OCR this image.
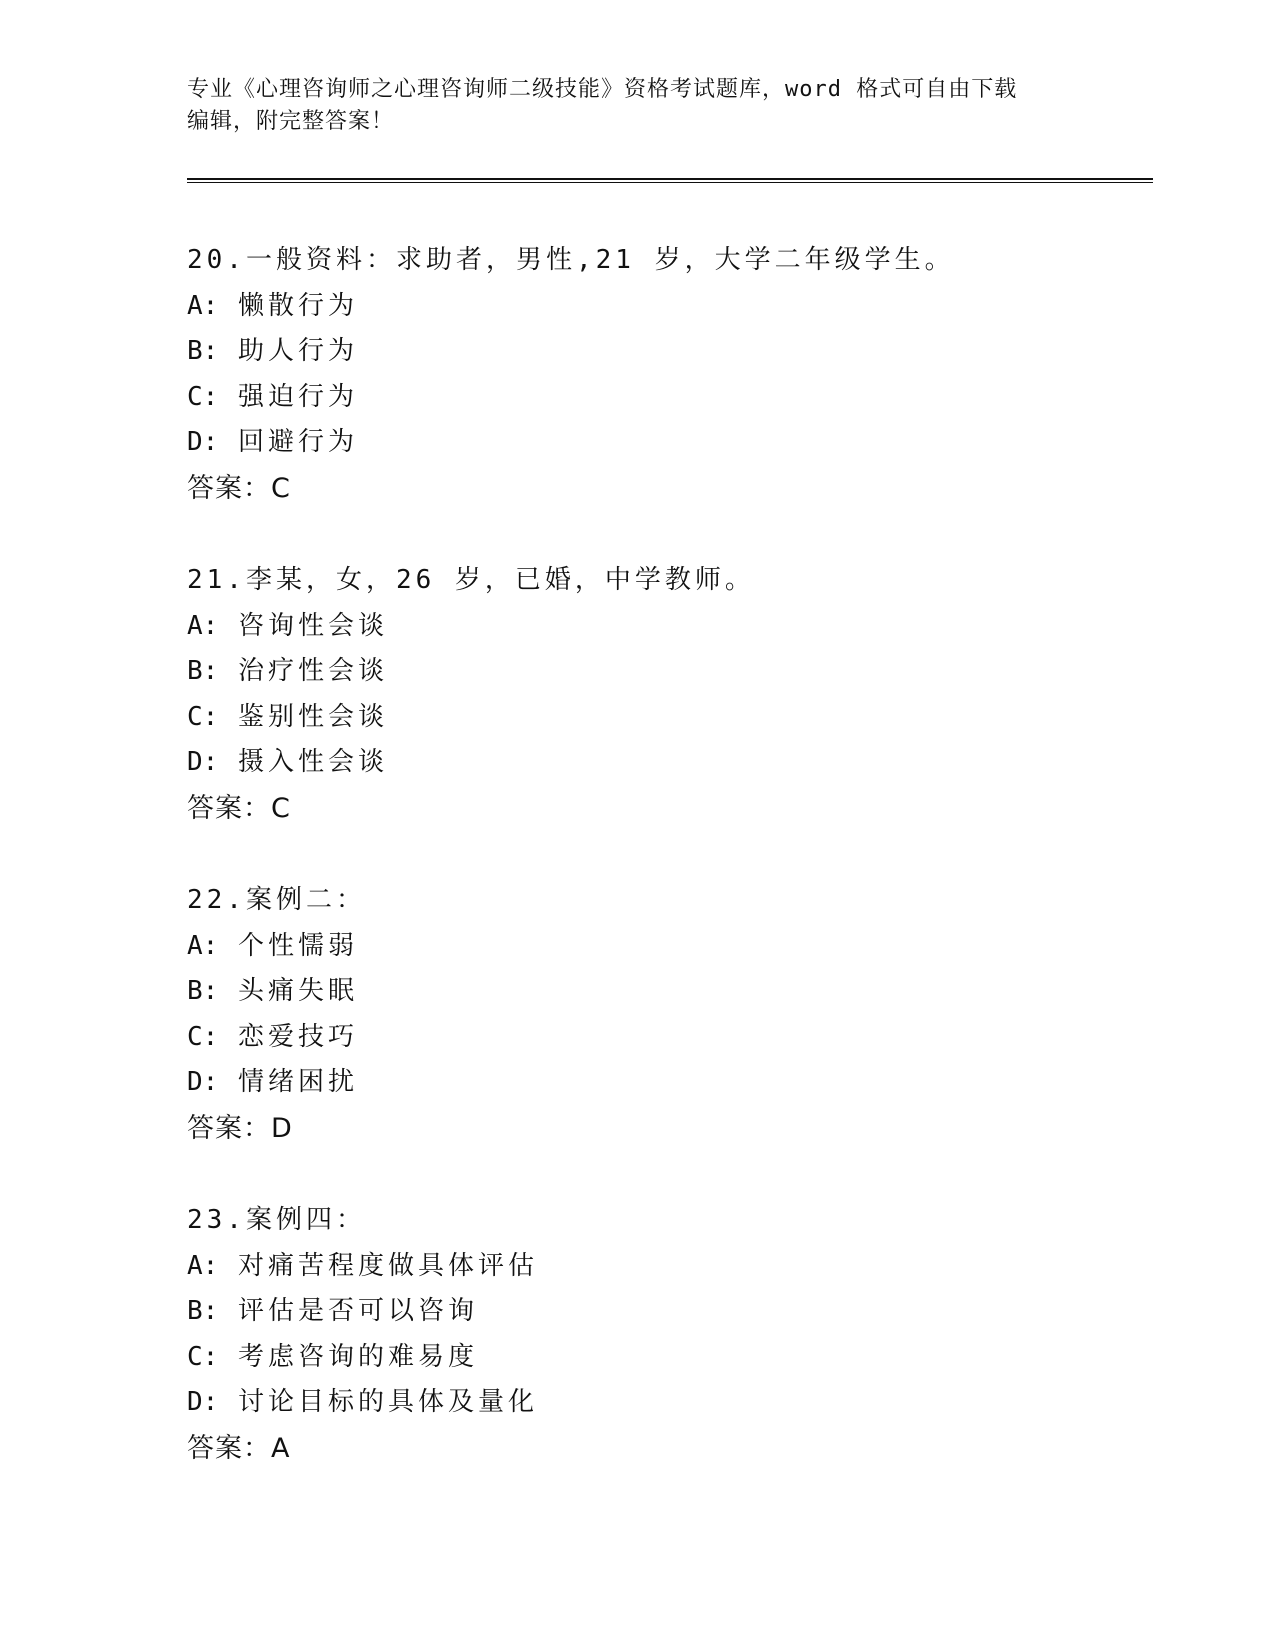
专业《心理咨询师之心理咨询师二级技能》资格考试题库，word 格式可自由下载
编辑，附完整答案！
20.一般资料：求助者，男性,21 岁，大学二年级学生。
A: 懒散行为
B: 助人行为
C: 强迫行为
D: 回避行为
答案：C
21.李某，女，26 岁，已婚，中学教师。
A: 咨询性会谈
B: 治疗性会谈
C: 鉴别性会谈
D: 摄入性会谈
答案：C
22.案例二：
A: 个性懦弱
B: 头痛失眠
C: 恋爱技巧
D: 情绪困扰
答案：D
23.案例四：
A: 对痛苦程度做具体评估
B: 评估是否可以咨询
C: 考虑咨询的难易度
D: 讨论目标的具体及量化
答案：A
